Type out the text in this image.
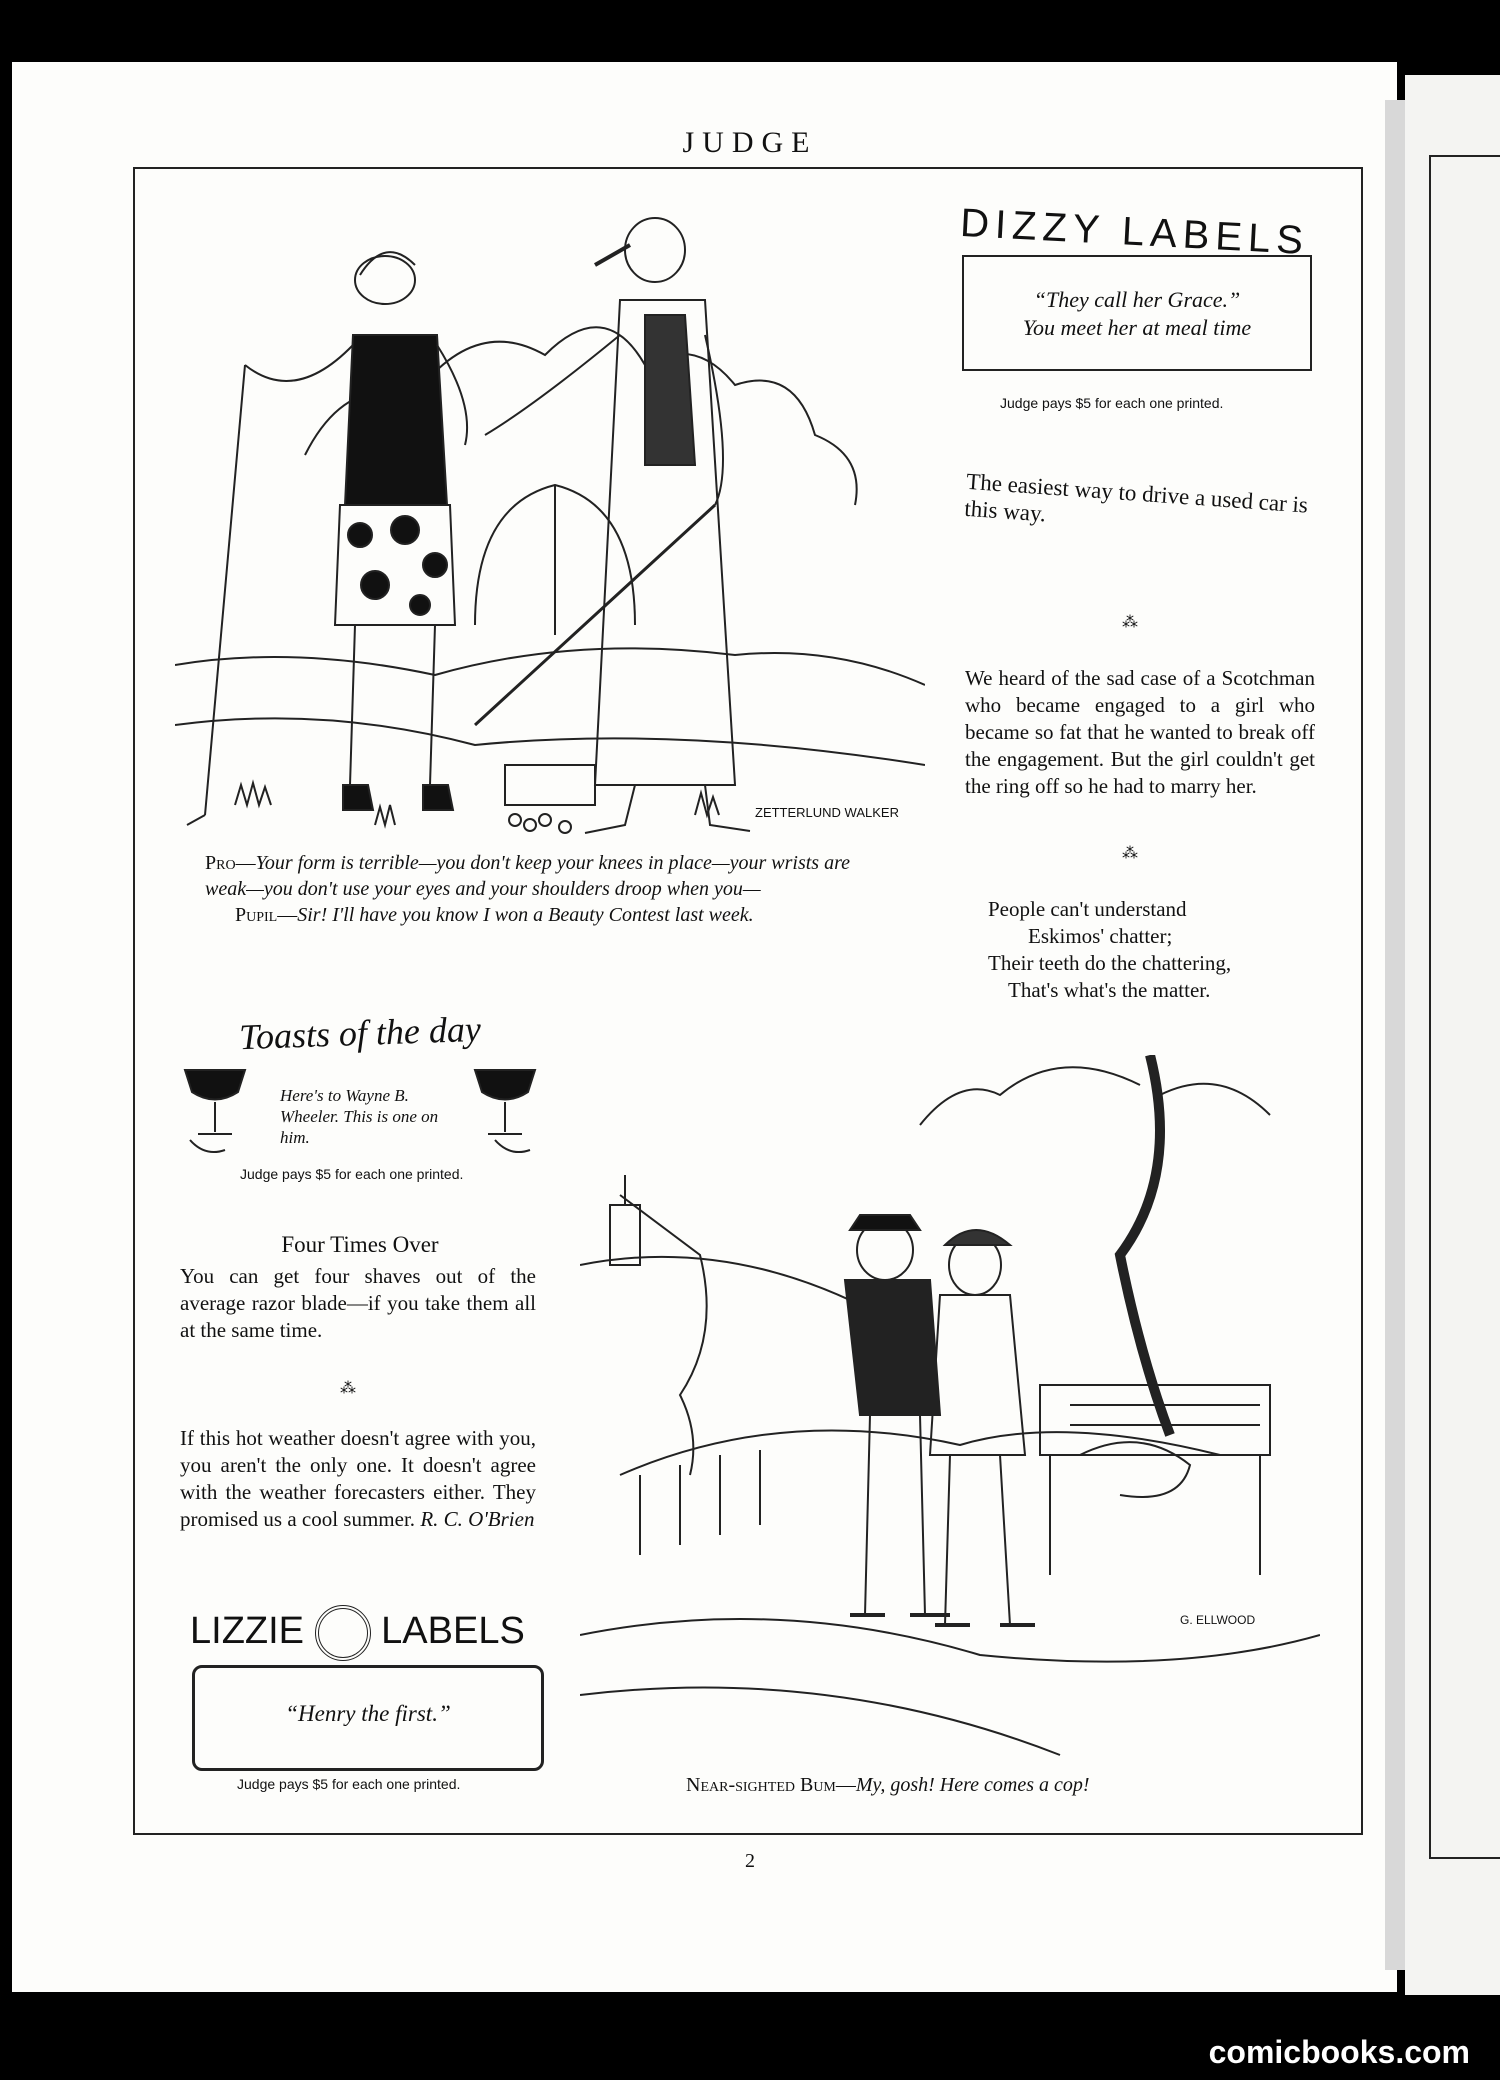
JUDGE
ZETTERLUND WALKER
Pro—Your form is terrible—you don't keep your knees in place—your wrists are weak—you don't use your eyes and your shoulders droop when you—
Pupil—Sir! I'll have you know I won a Beauty Contest last week.
DIZZY LABELS
“They call her Grace.”
You meet her at meal time
Judge pays $5 for each one printed.
The easiest way to drive a used car is this way.
⁂
We heard of the sad case of a Scotchman who became engaged to a girl who became so fat that he wanted to break off the engagement. But the girl couldn't get the ring off so he had to marry her.
⁂
People can't understand
Eskimos' chatter;
Their teeth do the chattering,
That's what's the matter.
Toasts of the day
Here's to Wayne B. Wheeler. This is one on him.
Judge pays $5 for each one printed.
Four Times Over
You can get four shaves out of the average razor blade—if you take them all at the same time.
⁂
If this hot weather doesn't agree with you, you aren't the only one. It doesn't agree with the weather forecasters either. They promised us a cool summer. R. C. O'Brien
LIZZIE LABELS
“Henry the first.”
Judge pays $5 for each one printed.
G. ELLWOOD
Near-sighted Bum—My, gosh! Here comes a cop!
2
comicbooks.com
